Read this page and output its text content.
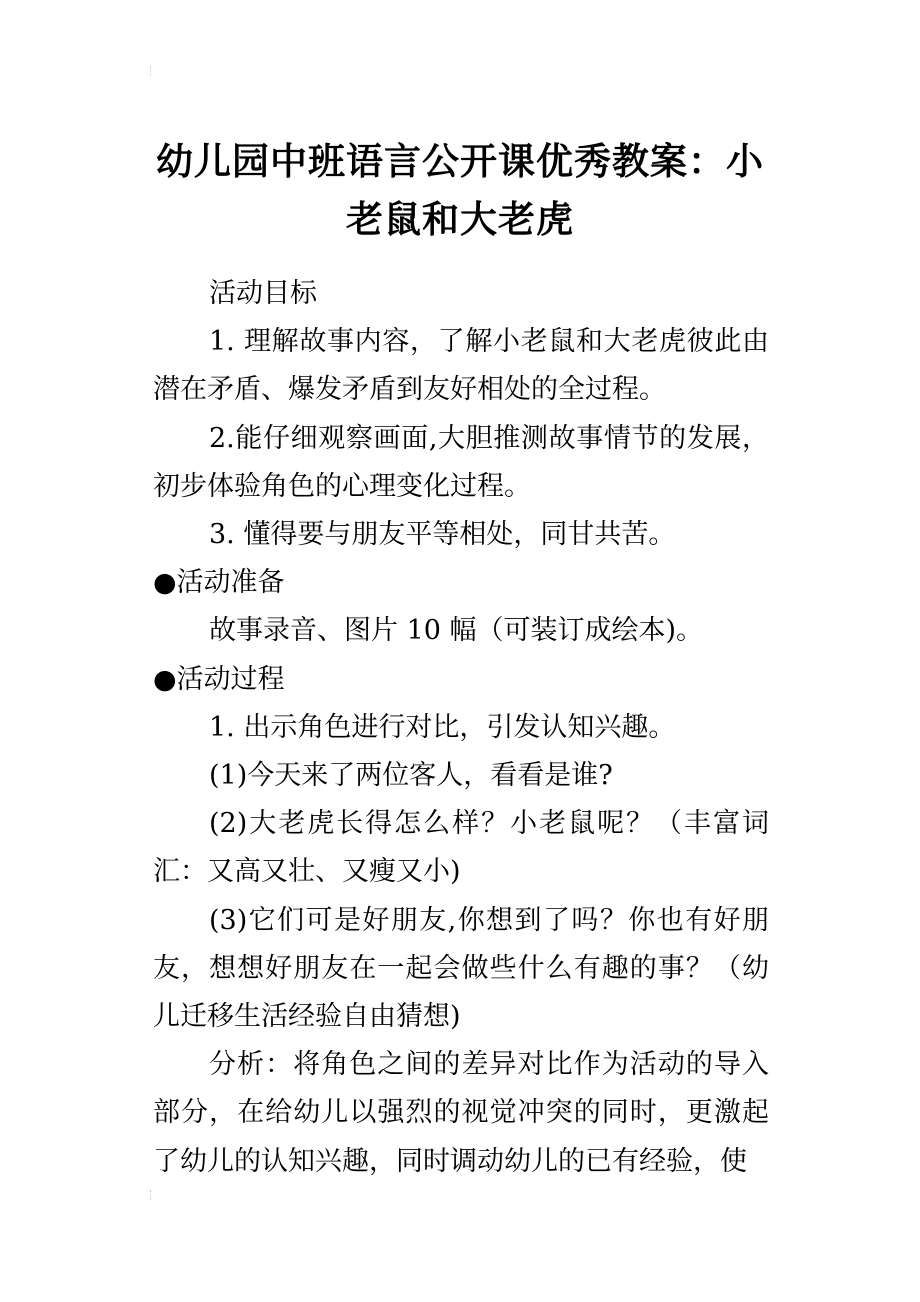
幼儿园中班语言公开课优秀教案：小老鼠和大老虎

活动目标

1. 理解故事内容，了解小老鼠和大老虎彼此由潜在矛盾、爆发矛盾到友好相处的全过程。

2.能仔细观察画面,大胆推测故事情节的发展，初步体验角色的心理变化过程。

3. 懂得要与朋友平等相处，同甘共苦。

●活动准备

故事录音、图片 10 幅（可装订成绘本)。

●活动过程

1. 出示角色进行对比，引发认知兴趣。

(1)今天来了两位客人，看看是谁?

(2)大老虎长得怎么样？小老鼠呢？（丰富词汇：又高又壮、又瘦又小)

(3)它们可是好朋友,你想到了吗？你也有好朋友，想想好朋友在一起会做些什么有趣的事？（幼儿迁移生活经验自由猜想)

分析：将角色之间的差异对比作为活动的导入部分，在给幼儿以强烈的视觉冲突的同时，更激起了幼儿的认知兴趣，同时调动幼儿的已有经验，使
